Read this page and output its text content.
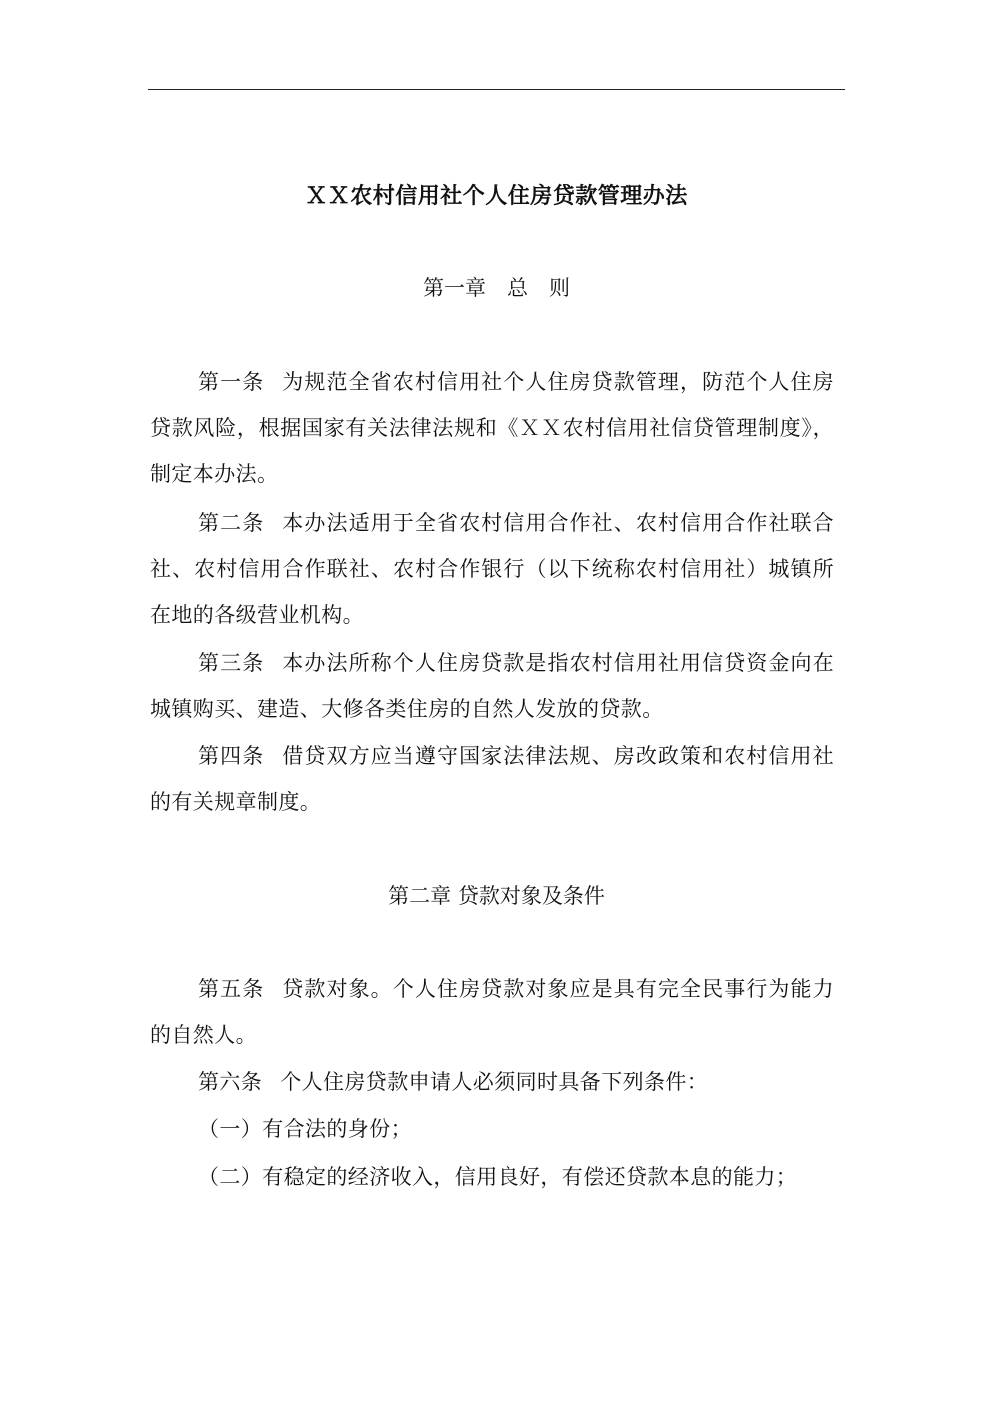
ＸＸ农村信用社个人住房贷款管理办法
第一章　总　则
第一条 为规范全省农村信用社个人住房贷款管理，防范个人住房贷款风险，根据国家有关法律法规和《ＸＸ农村信用社信贷管理制度》，制定本办法。
第二条 本办法适用于全省农村信用合作社、农村信用合作社联合社、农村信用合作联社、农村合作银行（以下统称农村信用社）城镇所在地的各级营业机构。
第三条 本办法所称个人住房贷款是指农村信用社用信贷资金向在城镇购买、建造、大修各类住房的自然人发放的贷款。
第四条 借贷双方应当遵守国家法律法规、房改政策和农村信用社的有关规章制度。
第二章 贷款对象及条件
第五条 贷款对象。个人住房贷款对象应是具有完全民事行为能力的自然人。
第六条 个人住房贷款申请人必须同时具备下列条件：
（一）有合法的身份；
（二）有稳定的经济收入，信用良好，有偿还贷款本息的能力；
